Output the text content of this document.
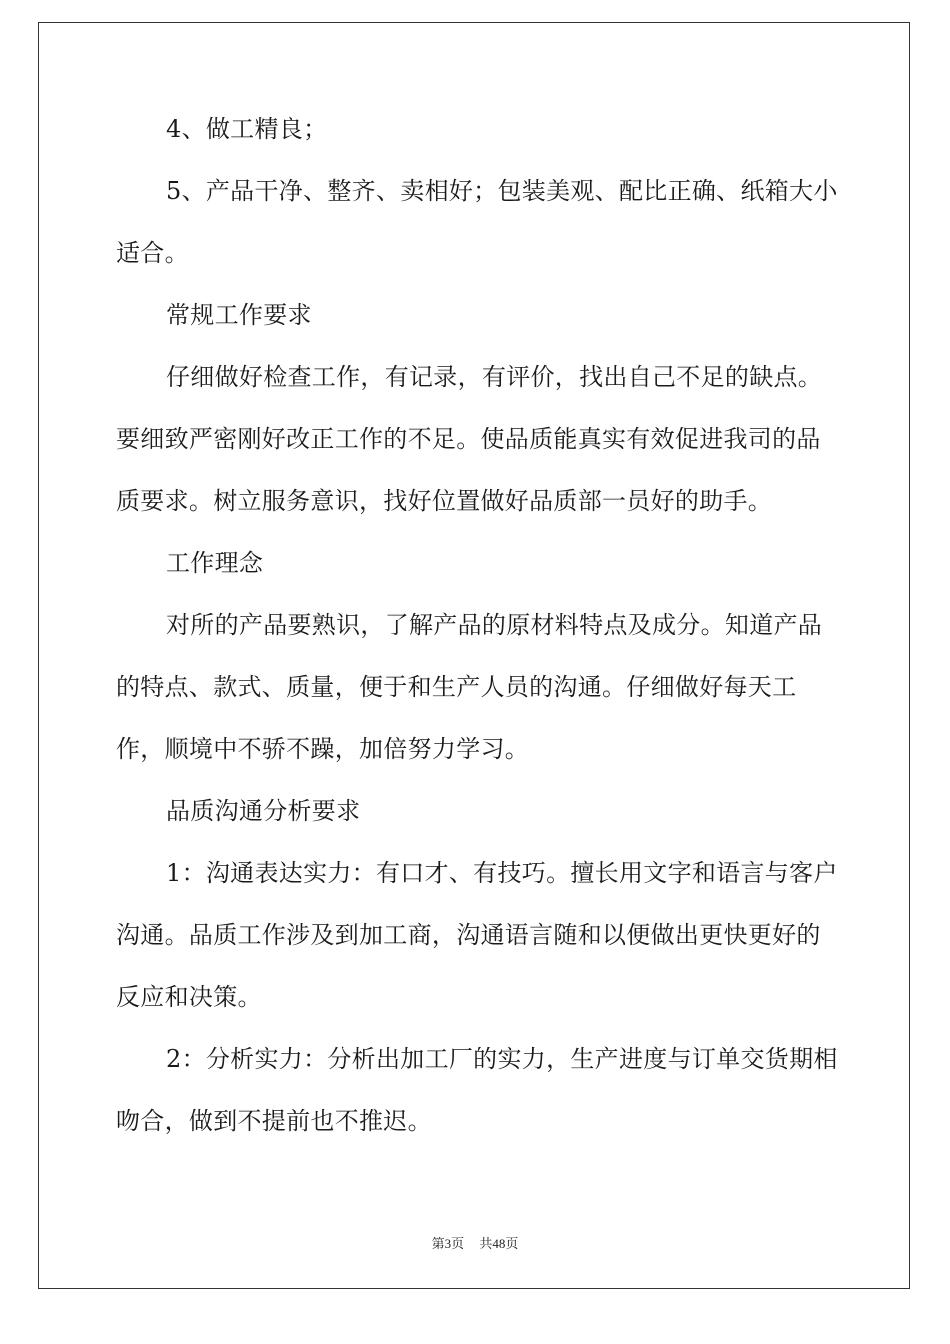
4、做工精良；

5、产品干净、整齐、卖相好；包装美观、配比正确、纸箱大小适合。

常规工作要求

仔细做好检查工作，有记录，有评价，找出自己不足的缺点。要细致严密刚好改正工作的不足。使品质能真实有效促进我司的品质要求。树立服务意识，找好位置做好品质部一员好的助手。

工作理念

对所的产品要熟识，了解产品的原材料特点及成分。知道产品的特点、款式、质量，便于和生产人员的沟通。仔细做好每天工作，顺境中不骄不躁，加倍努力学习。

品质沟通分析要求

1：沟通表达实力：有口才、有技巧。擅长用文字和语言与客户沟通。品质工作涉及到加工商，沟通语言随和以便做出更快更好的反应和决策。

2：分析实力：分析出加工厂的实力，生产进度与订单交货期相吻合，做到不提前也不推迟。

第3页 共48页
